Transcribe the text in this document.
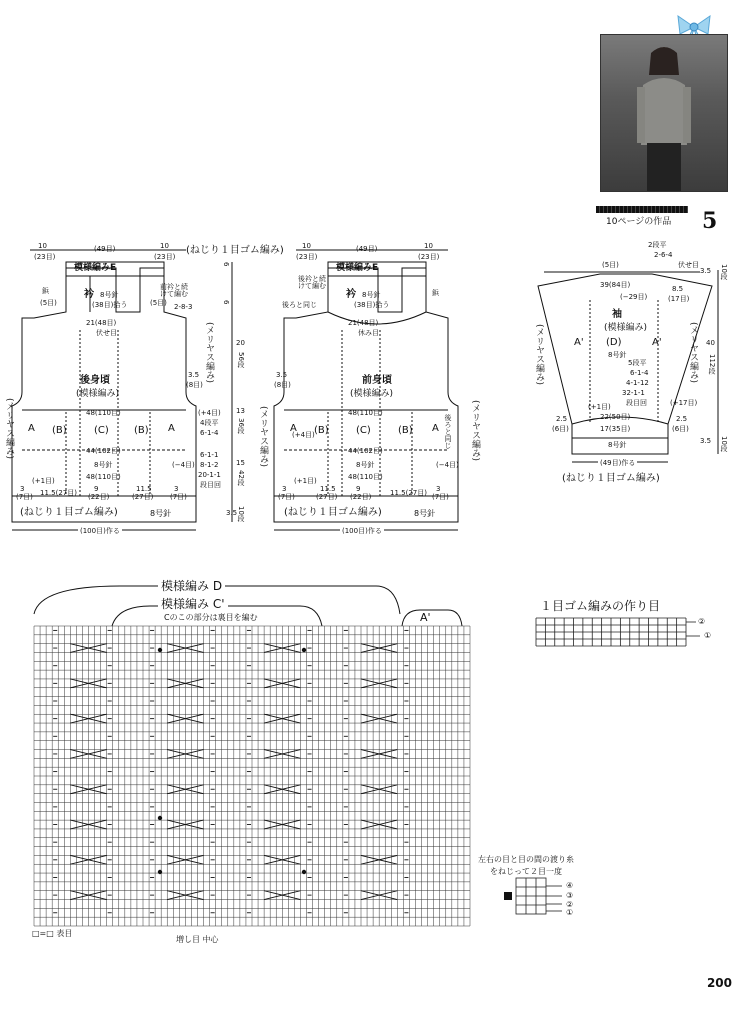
10ページの作品 5
10
(23目)
(49目)	10
(23目)
(ねじり１目ゴム編み)
模様編みE
衿 8号針
(38目)拾う
鋲
(5目)	(5目)
前衿と続けて編む
2-8-3
21(48目)
伏せ目
6
6
後身頃
(模様編み)
(メリヤス編み)
3.5
(8目)
48(110目)
A (B)	(C)	(B) A
44(102目)
8号針
48(110目)
(+4目)
4段平
6-1-4
(−4目)
6-1-1
8-1-2
20-1-1
段目回
(+1目)
(メリヤス編み)
3
(7目) 11.5(27目) 9
(22目)
11.5
(27目)
3
(7目)
(ねじり１目ゴム編み)	8号針
(100目)作る
20
56段
13
36段
15
42段
3.5 10段
10
(23目)
(49目)	10
(23目)
模様編みE
衿 8号針
(38目)拾う
後衿と続けて編む
後ろと同じ
鋲
21(48目)
休み目
前身頃
(模様編み)
3.5
(8目)
48(110目)
A (B)	(C)	(B) A
44(102目)
8号針
48(110目)
(+4目)
(−4目)
後ろと同じ
(メリヤス編み)	(メリヤス編み)
(+1目)
3
(7目)
11.5
(27目)
9
(22目)	11.5(27目) 3
(7目)
(ねじり１目ゴム編み)	8号針
(100目)作る
2段平
2-6-4
伏せ目
(5目)
3.5 10段
39(84目)
(−29目)
8.5
(17目)
袖
(模様編み)
(D)
8号針
A'	A'
5段平
6-1-4
4-1-12
32-1-1
段目回	(+17目)
40
112段
(+1目)
22(50目)
17(35目)
2.5
(6目)
2.5
(6目)
8号針	3.5 10段
(49目)作る
(ねじり１目ゴム編み)
(メリヤス編み)	(メリヤス編み)
模様編み D
模様編み C'
Cのこの部分は裏目を編む	A'
□=□ 表目
増し目 中心
１目ゴム編みの作り目
②
①
左右の目と目の間の渡り糸
をねじって２目一度
④
③
②
①
200
